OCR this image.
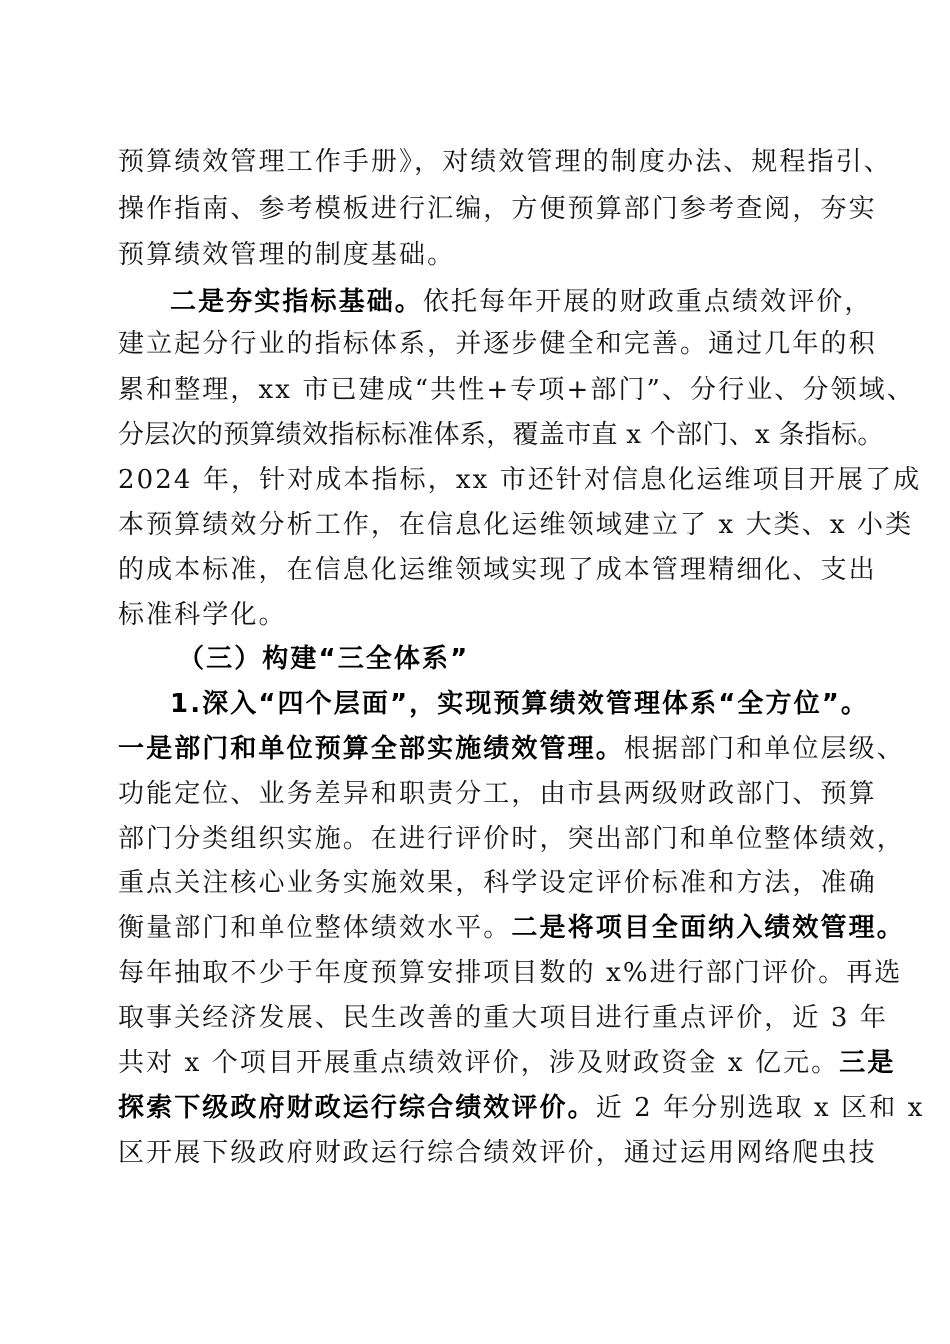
预算绩效管理工作手册》，对绩效管理的制度办法、规程指引、
操作指南、参考模板进行汇编，方便预算部门参考查阅，夯实
预算绩效管理的制度基础。
二是夯实指标基础。依托每年开展的财政重点绩效评价，
建立起分行业的指标体系，并逐步健全和完善。通过几年的积
累和整理，xx 市已建成“共性+专项+部门”、分行业、分领域、
分层次的预算绩效指标标准体系，覆盖市直 x 个部门、x 条指标。
2024 年，针对成本指标，xx 市还针对信息化运维项目开展了成
本预算绩效分析工作，在信息化运维领域建立了 x 大类、x 小类
的成本标准，在信息化运维领域实现了成本管理精细化、支出
标准科学化。
（三）构建“三全体系”
1.深入“四个层面”，实现预算绩效管理体系“全方位”。
一是部门和单位预算全部实施绩效管理。根据部门和单位层级、
功能定位、业务差异和职责分工，由市县两级财政部门、预算
部门分类组织实施。在进行评价时，突出部门和单位整体绩效，
重点关注核心业务实施效果，科学设定评价标准和方法，准确
衡量部门和单位整体绩效水平。二是将项目全面纳入绩效管理。
每年抽取不少于年度预算安排项目数的 x%进行部门评价。再选
取事关经济发展、民生改善的重大项目进行重点评价，近 3 年
共对 x 个项目开展重点绩效评价，涉及财政资金 x 亿元。三是
探索下级政府财政运行综合绩效评价。近 2 年分别选取 x 区和 x
区开展下级政府财政运行综合绩效评价，通过运用网络爬虫技
